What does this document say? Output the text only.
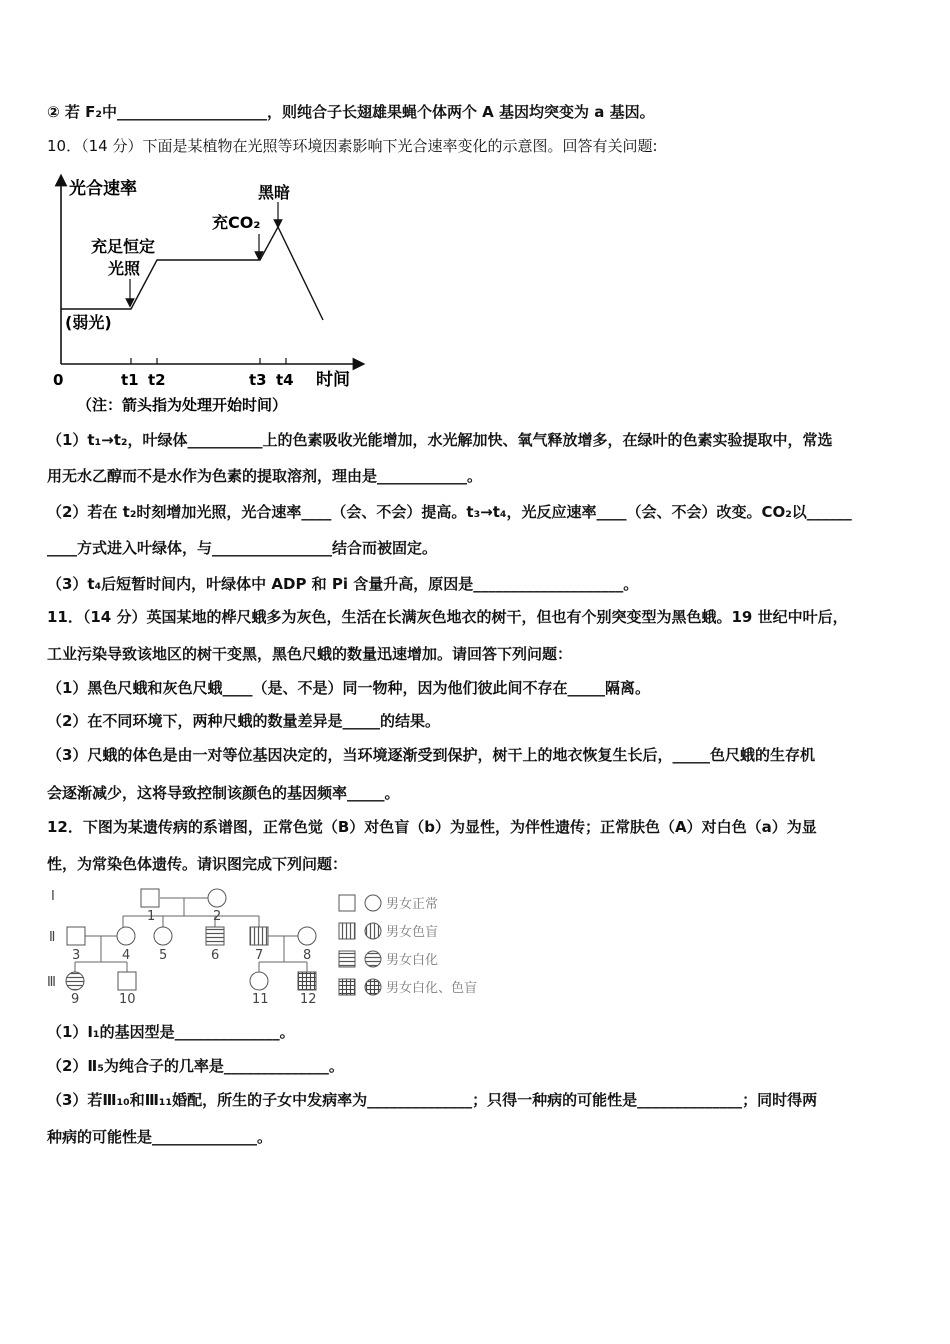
② 若 F₂中____________________，则纯合子长翅雄果蝇个体两个 A 基因均突变为 a 基因。
10．（14 分）下面是某植物在光照等环境因素影响下光合速率变化的示意图。回答有关问题:
光合速率
时间
0	t1 t2	t3 t4
(弱光)
充足恒定
光照
充CO₂
黑暗
（注：箭头指为处理开始时间）
（1）t₁→t₂，叶绿体__________上的色素吸收光能增加，水光解加快、氧气释放增多，在绿叶的色素实验提取中，常选
用无水乙醇而不是水作为色素的提取溶剂，理由是____________。
（2）若在 t₂时刻增加光照，光合速率____（会、不会）提高。t₃→t₄，光反应速率____（会、不会）改变。CO₂以______
____方式进入叶绿体，与________________结合而被固定。
（3）t₄后短暂时间内，叶绿体中 ADP 和 Pi 含量升高，原因是____________________。
11．（14 分）英国某地的桦尺蛾多为灰色，生活在长满灰色地衣的树干，但也有个别突变型为黑色蛾。19 世纪中叶后，
工业污染导致该地区的树干变黑，黑色尺蛾的数量迅速增加。请回答下列问题：
（1）黑色尺蛾和灰色尺蛾____（是、不是）同一物种，因为他们彼此间不存在_____隔离。
（2）在不同环境下，两种尺蛾的数量差异是_____的结果。
（3）尺蛾的体色是由一对等位基因决定的，当环境逐渐受到保护，树干上的地衣恢复生长后，_____色尺蛾的生存机
会逐渐减少，这将导致控制该颜色的基因频率_____。
12．下图为某遗传病的系谱图，正常色觉（B）对色盲（b）为显性，为伴性遗传；正常肤色（A）对白色（a）为显
性，为常染色体遗传。请识图完成下列问题：
Ⅰ
Ⅱ
Ⅲ
1	2
3	4 5	6	7	8
9	10	11 12
男女正常
男女色盲
男女白化
男女白化、色盲
（1）Ⅰ₁的基因型是______________。
（2）Ⅱ₅为纯合子的几率是______________。
（3）若Ⅲ₁₀和Ⅲ₁₁婚配，所生的子女中发病率为______________；只得一种病的可能性是______________；同时得两
种病的可能性是______________。
